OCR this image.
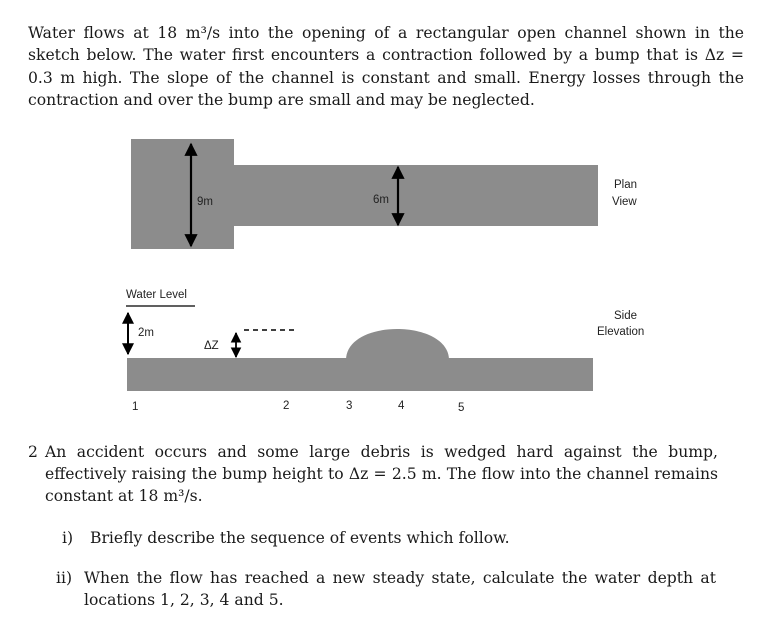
Water flows at 18 m³/s into the opening of a rectangular open channel shown in the sketch below. The water first encounters a contraction followed by a bump that is Δz = 0.3 m high. The slope of the channel is constant and small. Energy losses through the contraction and over the bump are small and may be neglected.

9m	6m
Plan
View
Water Level
2m
ΔZ
Side
Elevation
1	2	3	4	5
2 An accident occurs and some large debris is wedged hard against the bump, effectively raising the bump height to Δz = 2.5 m. The flow into the channel remains constant at 18 m³/s.
i)	Briefly describe the sequence of events which follow.
ii) When the flow has reached a new steady state, calculate the water depth at locations 1, 2, 3, 4 and 5.
